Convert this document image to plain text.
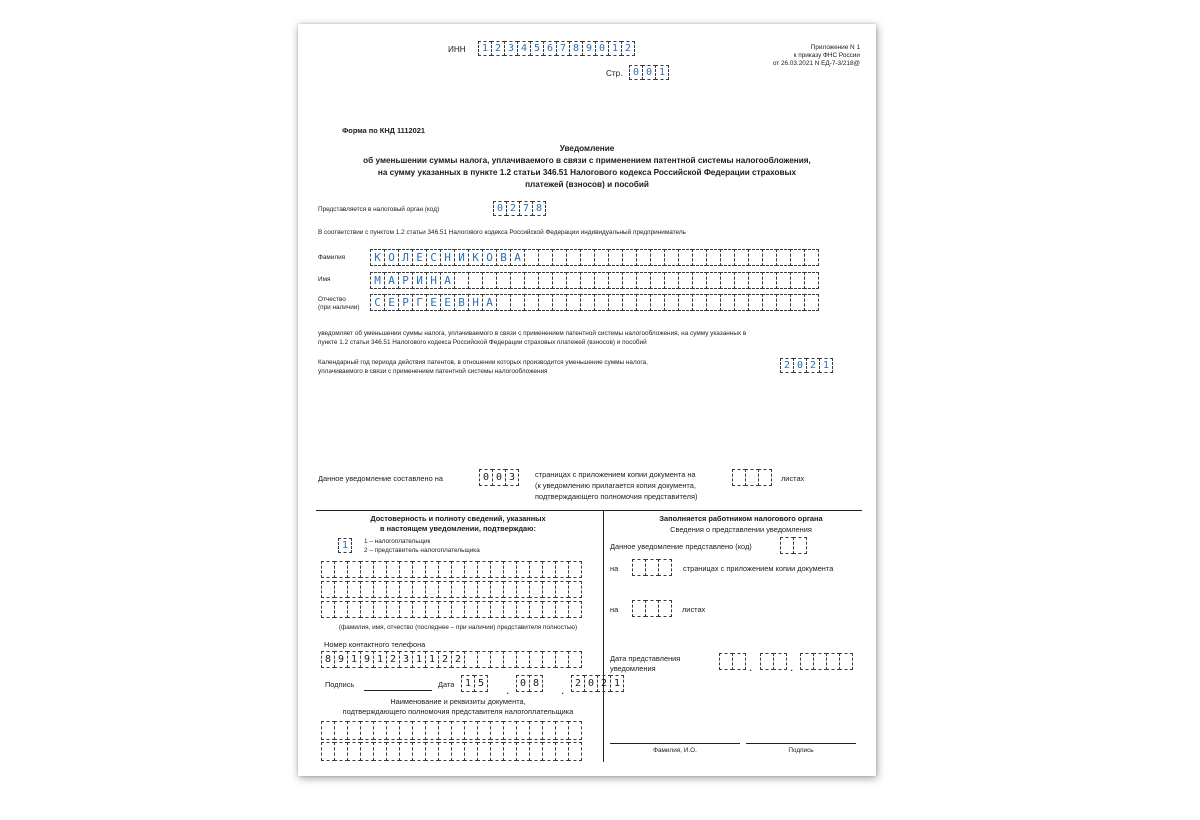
ИНН	1 2 3 4 5 6 7 8 9 0 1 2
Стр.	0 0 1
Приложение N 1
к приказу ФНС России
от 26.03.2021 N ЕД-7-3/218@
Форма по КНД 1112021
Уведомление
об уменьшении суммы налога, уплачиваемого в связи с применением патентной системы налогообложения,
на сумму указанных в пункте 1.2 статьи 346.51 Налогового кодекса Российской Федерации страховых
платежей (взносов) и пособий
Представляется в налоговый орган (код)	0 2 7 8
В соответствии с пунктом 1.2 статьи 346.51 Налогового кодекса Российской Федерации индивидуальный предприниматель
Фамилия	К О Л Е С Н И К О В А
Имя	М А Р И Н А
Отчество
(при наличии)	С Е Р Г Е Е В Н А
уведомляет об уменьшении суммы налога, уплачиваемого в связи с применением патентной системы налогообложения, на сумму указанных в
пункте 1.2 статьи 346.51 Налогового кодекса Российской Федерации страховых платежей (взносов) и пособий
Календарный год периода действия патентов, в отношении которых производится уменьшение суммы налога,
уплачиваемого в связи с применением патентной системы налогообложения
2 0 2 1
Данное уведомление составлено на	0 0 3	страницах с приложением копии документа на
(к уведомлению прилагается копия документа,
подтверждающего полномочия представителя)
листах
Достоверность и полноту сведений, указанных
в настоящем уведомлении, подтверждаю:
1	1 – налогоплательщик
2 – представитель налогоплательщика
(фамилия, имя, отчество (последнее – при наличии) представителя полностью)
Номер контактного телефона
8 9 1 9 1 2 3 1 1 2 2
Подпись	Дата	1 5	.	0 8	.	2 0 2 1
Наименование и реквизиты документа,
подтверждающего полномочия представителя налогоплательщика
Заполняется работником налогового органа
Сведения о представлении уведомления
Данное уведомление представлено (код)
на	страницах с приложением копии документа
на	листах
Дата представления
уведомления	.	.
Фамилия, И.О.	Подпись
